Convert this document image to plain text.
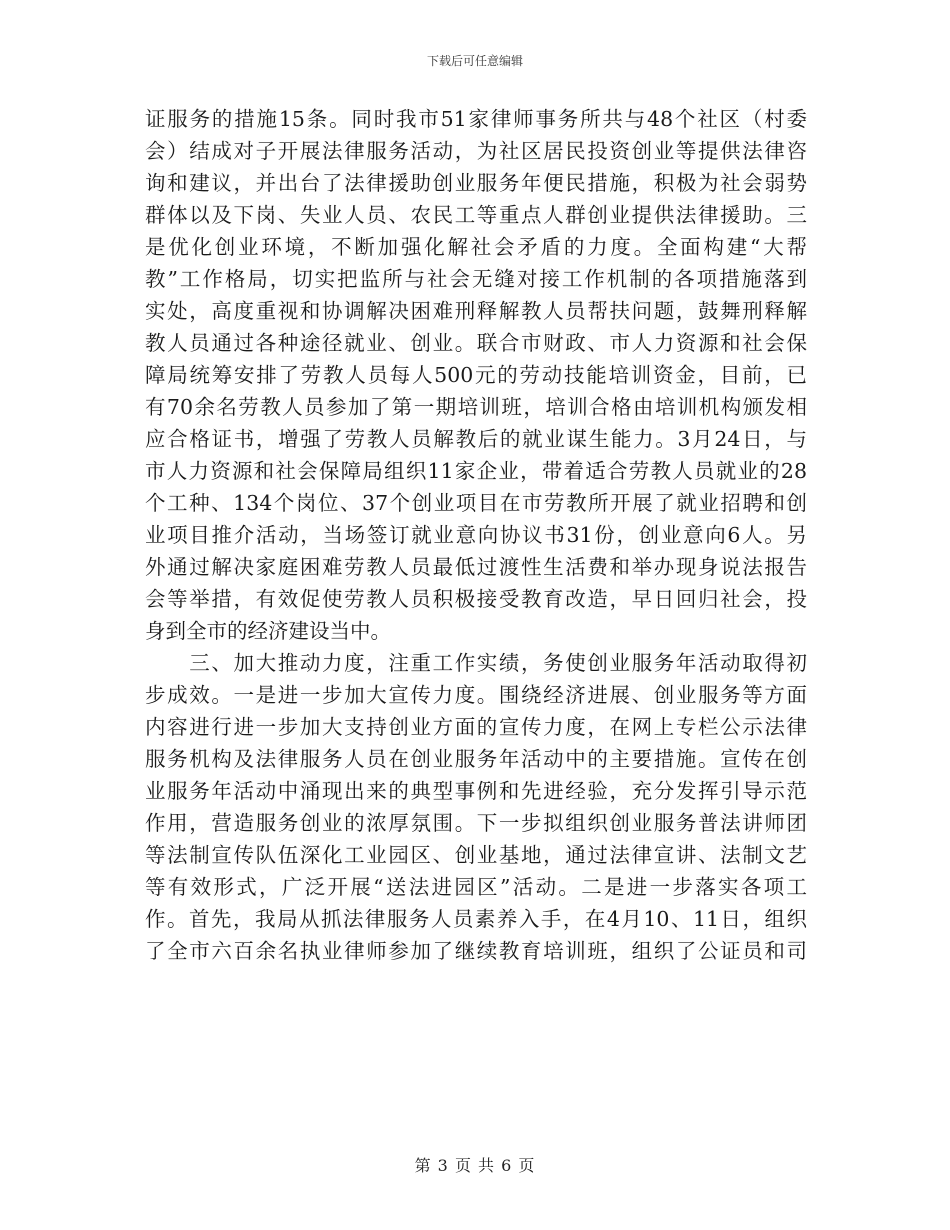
下载后可任意编辑
证服务的措施15条。同时我市51家律师事务所共与48个社区（村委
会）结成对子开展法律服务活动，为社区居民投资创业等提供法律咨
询和建议，并出台了法律援助创业服务年便民措施，积极为社会弱势
群体以及下岗、失业人员、农民工等重点人群创业提供法律援助。三
是优化创业环境，不断加强化解社会矛盾的力度。全面构建“大帮
教”工作格局，切实把监所与社会无缝对接工作机制的各项措施落到
实处，高度重视和协调解决困难刑释解教人员帮扶问题，鼓舞刑释解
教人员通过各种途径就业、创业。联合市财政、市人力资源和社会保
障局统筹安排了劳教人员每人500元的劳动技能培训资金，目前，已
有70余名劳教人员参加了第一期培训班，培训合格由培训机构颁发相
应合格证书，增强了劳教人员解教后的就业谋生能力。3月24日，与
市人力资源和社会保障局组织11家企业，带着适合劳教人员就业的28
个工种、134个岗位、37个创业项目在市劳教所开展了就业招聘和创
业项目推介活动，当场签订就业意向协议书31份，创业意向6人。另
外通过解决家庭困难劳教人员最低过渡性生活费和举办现身说法报告
会等举措，有效促使劳教人员积极接受教育改造，早日回归社会，投
身到全市的经济建设当中。
　　三、加大推动力度，注重工作实绩，务使创业服务年活动取得初
步成效。一是进一步加大宣传力度。围绕经济进展、创业服务等方面
内容进行进一步加大支持创业方面的宣传力度，在网上专栏公示法律
服务机构及法律服务人员在创业服务年活动中的主要措施。宣传在创
业服务年活动中涌现出来的典型事例和先进经验，充分发挥引导示范
作用，营造服务创业的浓厚氛围。下一步拟组织创业服务普法讲师团
等法制宣传队伍深化工业园区、创业基地，通过法律宣讲、法制文艺
等有效形式，广泛开展“送法进园区”活动。二是进一步落实各项工
作。首先，我局从抓法律服务人员素养入手，在4月10、11日，组织
了全市六百余名执业律师参加了继续教育培训班，组织了公证员和司
第 3 页 共 6 页
